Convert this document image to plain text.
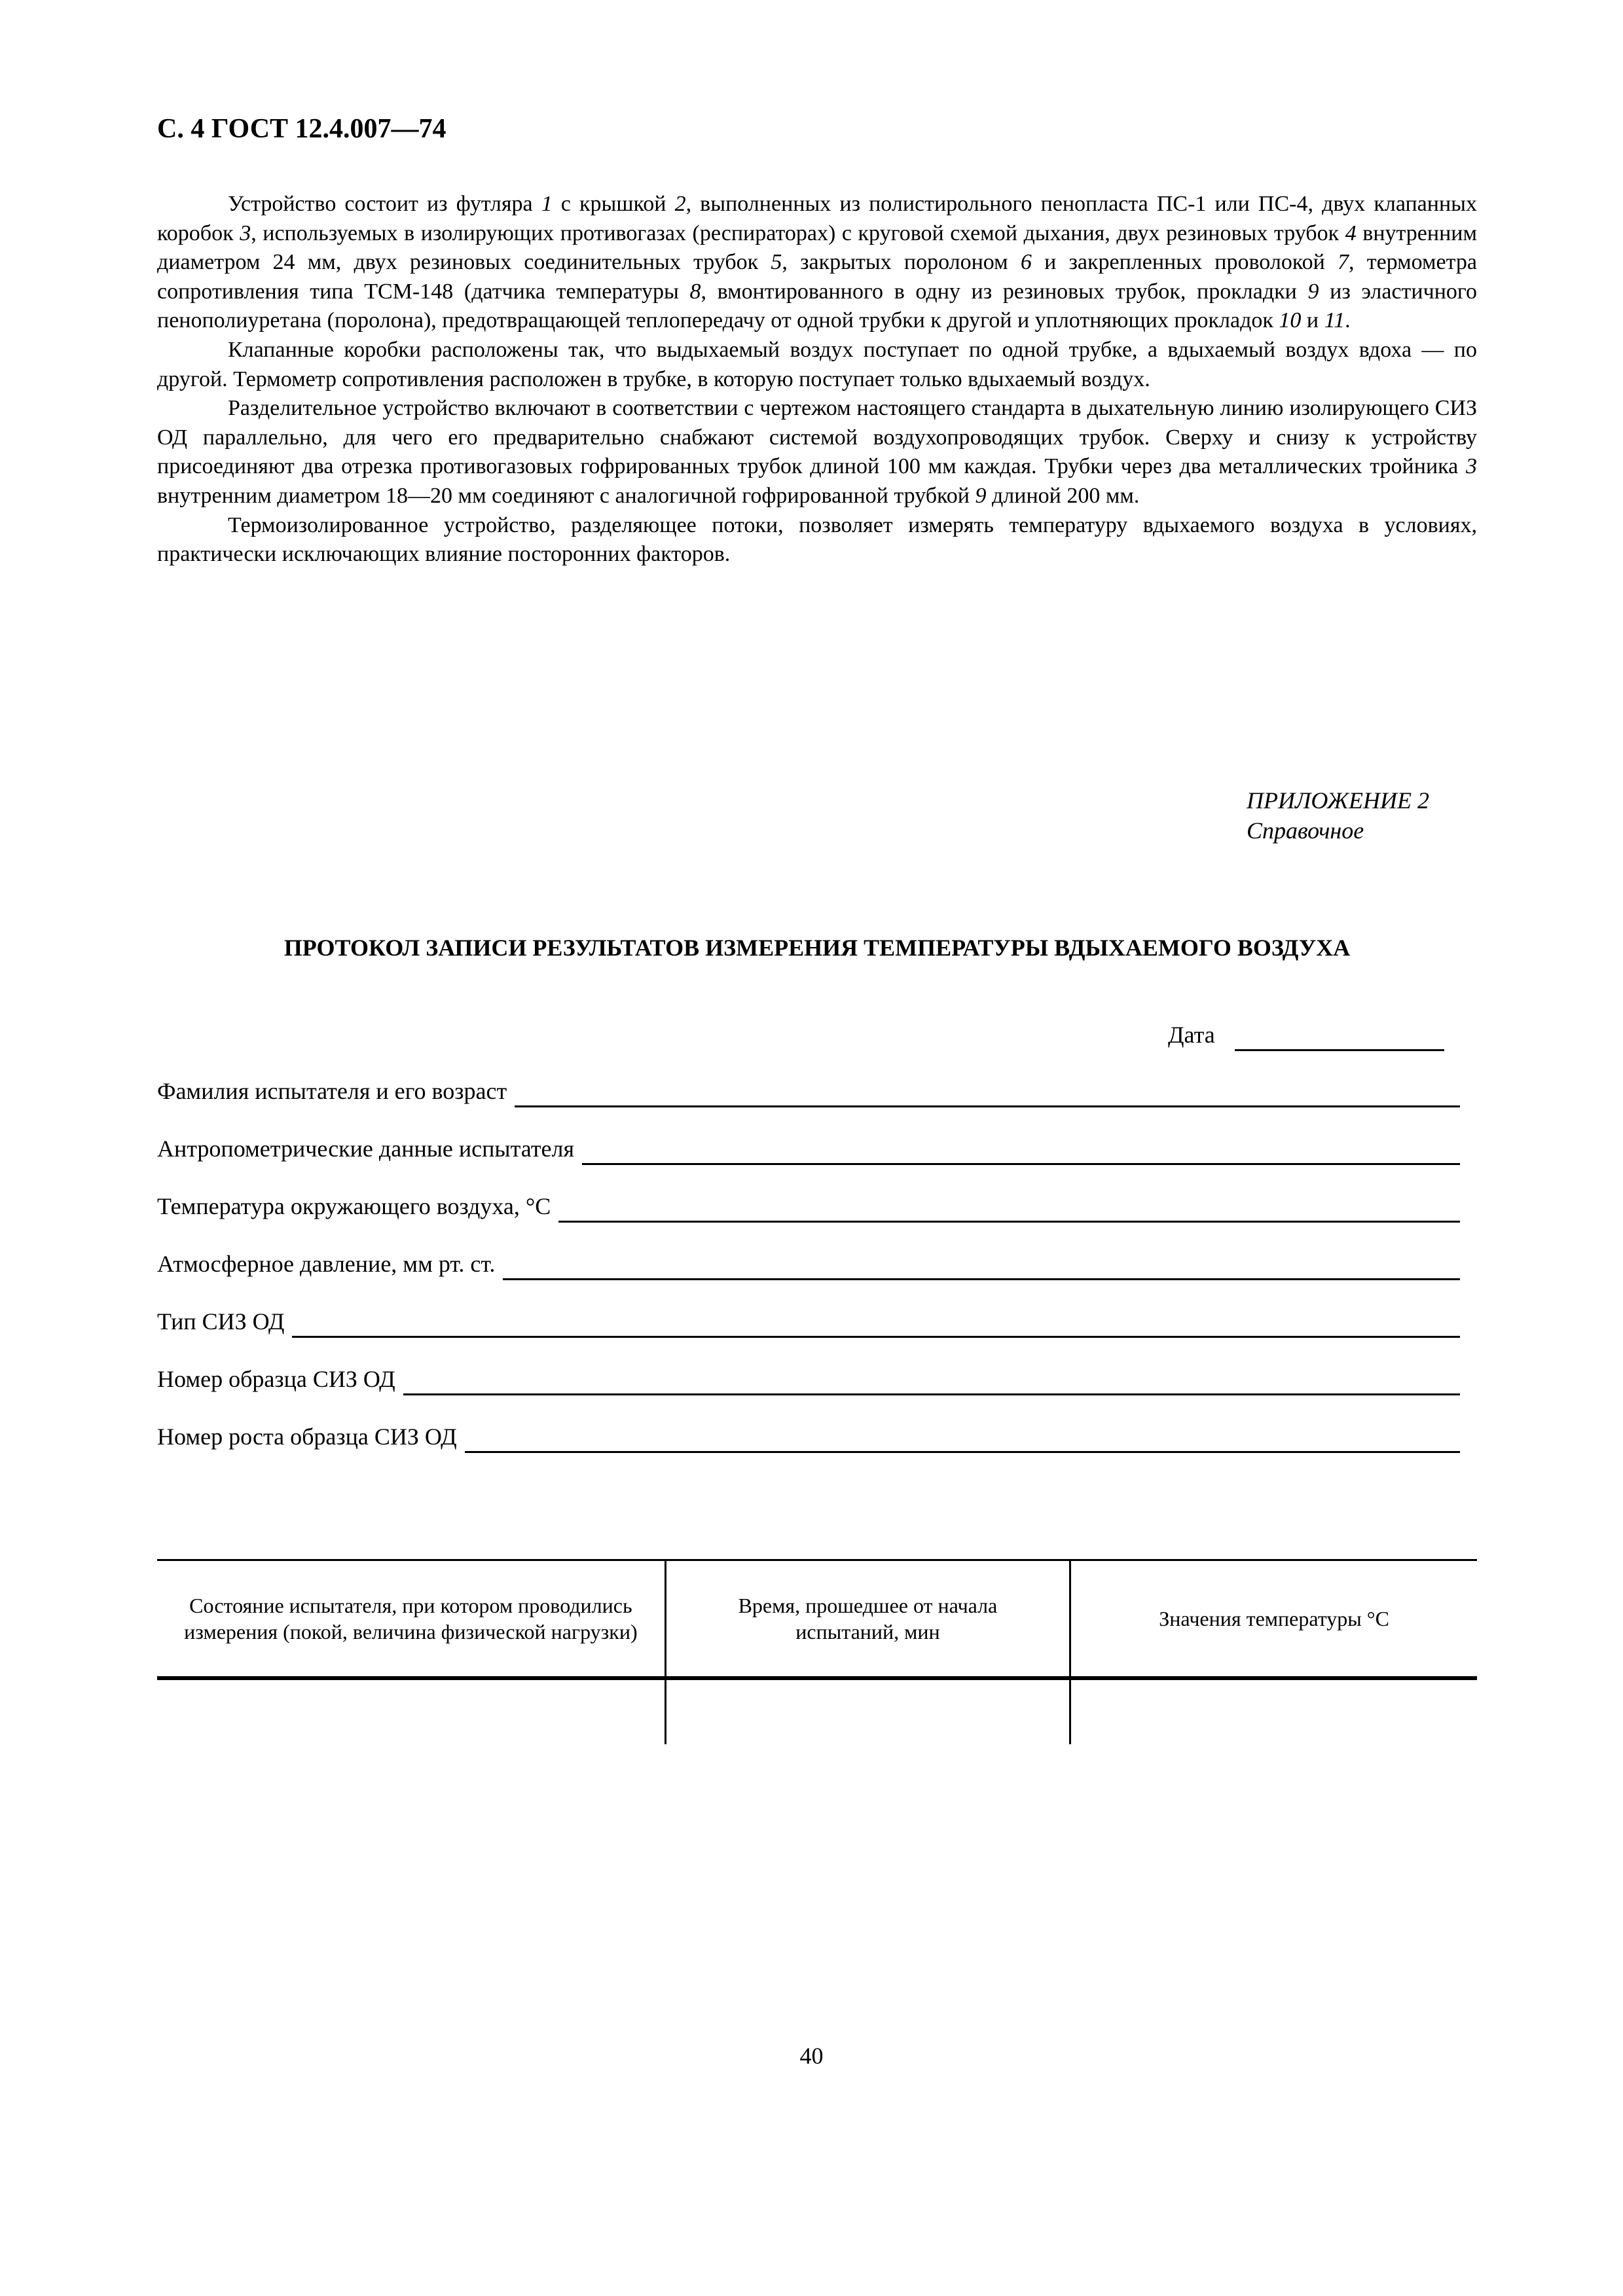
С. 4 ГОСТ 12.4.007—74

Устройство состоит из футляра 1 с крышкой 2, выполненных из полистирольного пенопласта ПС-1 или ПС-4, двух клапанных коробок 3, используемых в изолирующих противогазах (респираторах) с круговой схемой дыхания, двух резиновых трубок 4 внутренним диаметром 24 мм, двух резиновых соединительных трубок 5, закрытых поролоном 6 и закрепленных проволокой 7, термометра сопротивления типа ТСМ-148 (датчика температуры 8, вмонтированного в одну из резиновых трубок, прокладки 9 из эластичного пенополиуретана (поролона), предотвращающей теплопередачу от одной трубки к другой и уплотняющих прокладок 10 и 11.

Клапанные коробки расположены так, что выдыхаемый воздух поступает по одной трубке, а вдыхаемый воздух вдоха — по другой. Термометр сопротивления расположен в трубке, в которую поступает только вдыхаемый воздух.

Разделительное устройство включают в соответствии с чертежом настоящего стандарта в дыхательную линию изолирующего СИЗ ОД параллельно, для чего его предварительно снабжают системой воздухопроводящих трубок. Сверху и снизу к устройству присоединяют два отрезка противогазовых гофрированных трубок длиной 100 мм каждая. Трубки через два металлических тройника 3 внутренним диаметром 18—20 мм соединяют с аналогичной гофрированной трубкой 9 длиной 200 мм.

Термоизолированное устройство, разделяющее потоки, позволяет измерять температуру вдыхаемого воздуха в условиях, практически исключающих влияние посторонних факторов.

ПРИЛОЖЕНИЕ 2
Справочное
ПРОТОКОЛ ЗАПИСИ РЕЗУЛЬТАТОВ ИЗМЕРЕНИЯ ТЕМПЕРАТУРЫ ВДЫХАЕМОГО ВОЗДУХА
Дата
Фамилия испытателя и его возраст
Антропометрические данные испытателя
Температура окружающего воздуха, °С
Атмосферное давление, мм рт. ст.
Тип СИЗ ОД
Номер образца СИЗ ОД
Номер роста образца СИЗ ОД
Состояние испытателя, при котором проводились измерения (покой, величина физической нагрузки)	Время, прошедшее от начала испытаний, мин	Значения температуры °С

40
